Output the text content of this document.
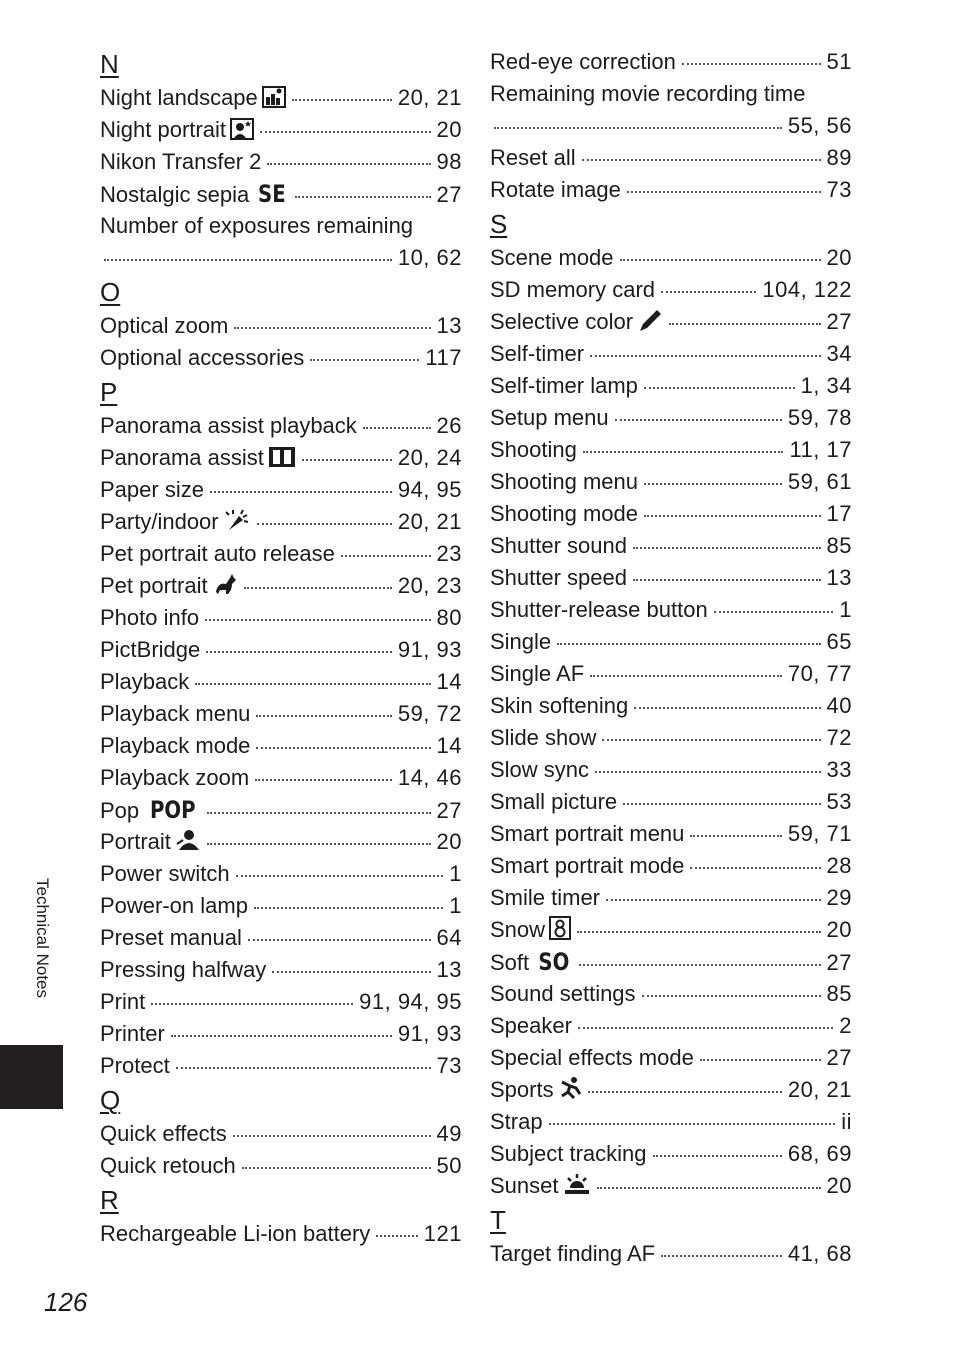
N
Night landscape	20, 21
Night portrait	20
Nikon Transfer 2	98
Nostalgic sepia SE	27
Number of exposures remaining
10, 62
O
Optical zoom	13
Optional accessories	117
P
Panorama assist playback	26
Panorama assist	20, 24
Paper size	94, 95
Party/indoor	20, 21
Pet portrait auto release	23
Pet portrait	20, 23
Photo info	80
PictBridge	91, 93
Playback	14
Playback menu	59, 72
Playback mode	14
Playback zoom	14, 46
Pop POP	27
Portrait	20
Power switch	1
Power-on lamp	1
Preset manual	64
Pressing halfway	13
Print	91, 94, 95
Printer	91, 93
Protect	73
Q
Quick effects	49
Quick retouch	50
R
Rechargeable Li-ion battery 121
Red-eye correction	51
Remaining movie recording time
55, 56
Reset all	89
Rotate image	73
S
Scene mode	20
SD memory card	104, 122
Selective color	27
Self-timer	34
Self-timer lamp	1, 34
Setup menu	59, 78
Shooting	11, 17
Shooting menu	59, 61
Shooting mode	17
Shutter sound	85
Shutter speed	13
Shutter-release button	1
Single	65
Single AF	70, 77
Skin softening	40
Slide show	72
Slow sync	33
Small picture	53
Smart portrait menu	59, 71
Smart portrait mode	28
Smile timer	29
Snow	20
Soft SO	27
Sound settings	85
Speaker	2
Special effects mode	27
Sports	20, 21
Strap	ii
Subject tracking	68, 69
Sunset	20
T
Target finding AF	41, 68
Technical Notes
126
